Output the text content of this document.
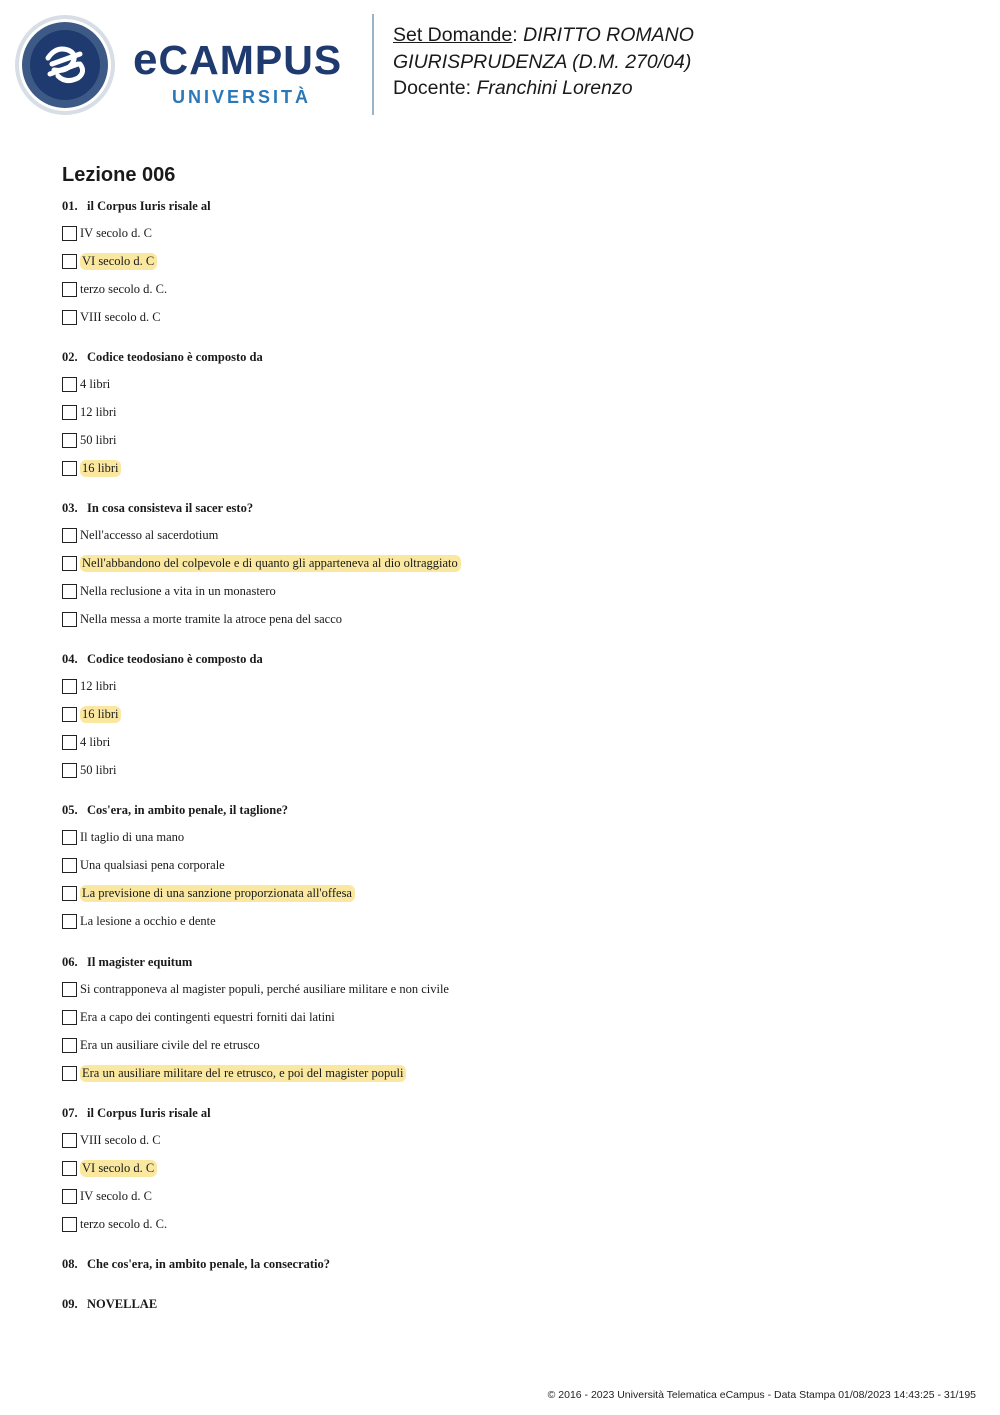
eCAMPUS
UNIVERSITÀ
Set Domande: DIRITTO ROMANO
GIURISPRUDENZA (D.M. 270/04)
Docente: Franchini Lorenzo
Lezione 006

01. il Corpus Iuris risale al

IV secolo d. C
VI secolo d. C
terzo secolo d. C.
VIII secolo d. C

02. Codice teodosiano è composto da

4 libri
12 libri
50 libri
16 libri

03. In cosa consisteva il sacer esto?

Nell'accesso al sacerdotium
Nell'abbandono del colpevole e di quanto gli apparteneva al dio oltraggiato
Nella reclusione a vita in un monastero
Nella messa a morte tramite la atroce pena del sacco

04. Codice teodosiano è composto da

12 libri
16 libri
4 libri
50 libri

05. Cos'era, in ambito penale, il taglione?

Il taglio di una mano
Una qualsiasi pena corporale
La previsione di una sanzione proporzionata all'offesa
La lesione a occhio e dente

06. Il magister equitum

Si contrapponeva al magister populi, perché ausiliare militare e non civile
Era a capo dei contingenti equestri forniti dai latini
Era un ausiliare civile del re etrusco
Era un ausiliare militare del re etrusco, e poi del magister populi

07. il Corpus Iuris risale al

VIII secolo d. C
VI secolo d. C
IV secolo d. C
terzo secolo d. C.

08. Che cos'era, in ambito penale, la consecratio?

09. NOVELLAE

© 2016 - 2023 Università Telematica eCampus - Data Stampa 01/08/2023 14:43:25 - 31/195
